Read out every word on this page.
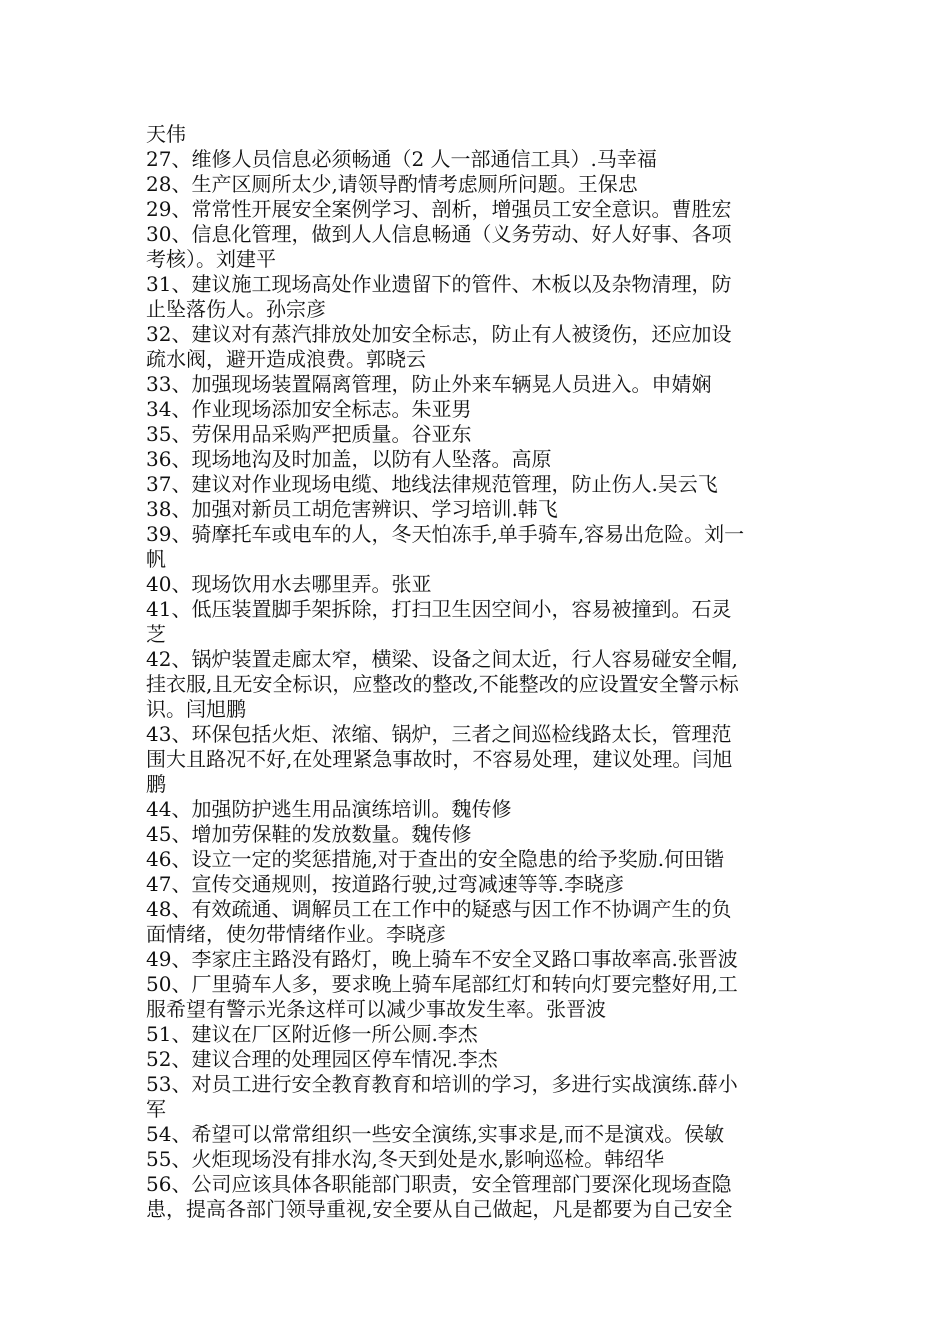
天伟
27、维修人员信息必须畅通（2 人一部通信工具）.马幸福
28、生产区厕所太少,请领导酌情考虑厕所问题。王保忠
29、常常性开展安全案例学习、剖析，增强员工安全意识。曹胜宏
30、信息化管理，做到人人信息畅通（义务劳动、好人好事、各项
考核）。刘建平
31、建议施工现场高处作业遗留下的管件、木板以及杂物清理，防
止坠落伤人。孙宗彦
32、建议对有蒸汽排放处加安全标志，防止有人被烫伤，还应加设
疏水阀，避开造成浪费。郭晓云
33、加强现场装置隔离管理，防止外来车辆晃人员进入。申婧娴
34、作业现场添加安全标志。朱亚男
35、劳保用品采购严把质量。谷亚东
36、现场地沟及时加盖，以防有人坠落。高原
37、建议对作业现场电缆、地线法律规范管理，防止伤人.吴云飞
38、加强对新员工胡危害辨识、学习培训.韩飞
39、骑摩托车或电车的人，冬天怕冻手,单手骑车,容易出危险。刘一
帆
40、现场饮用水去哪里弄。张亚
41、低压装置脚手架拆除，打扫卫生因空间小，容易被撞到。石灵
芝
42、锅炉装置走廊太窄，横梁、设备之间太近，行人容易碰安全帽,
挂衣服,且无安全标识，应整改的整改,不能整改的应设置安全警示标
识。闫旭鹏
43、环保包括火炬、浓缩、锅炉，三者之间巡检线路太长，管理范
围大且路况不好,在处理紧急事故时，不容易处理，建议处理。闫旭
鹏
44、加强防护逃生用品演练培训。魏传修
45、增加劳保鞋的发放数量。魏传修
46、设立一定的奖惩措施,对于查出的安全隐患的给予奖励.何田锴
47、宣传交通规则，按道路行驶,过弯减速等等.李晓彦
48、有效疏通、调解员工在工作中的疑惑与因工作不协调产生的负
面情绪，使勿带情绪作业。李晓彦
49、李家庄主路没有路灯，晚上骑车不安全叉路口事故率高.张晋波
50、厂里骑车人多，要求晚上骑车尾部红灯和转向灯要完整好用,工
服希望有警示光条这样可以减少事故发生率。张晋波
51、建议在厂区附近修一所公厕.李杰
52、建议合理的处理园区停车情况.李杰
53、对员工进行安全教育教育和培训的学习，多进行实战演练.薛小
军
54、希望可以常常组织一些安全演练,实事求是,而不是演戏。侯敏
55、火炬现场没有排水沟,冬天到处是水,影响巡检。韩绍华
56、公司应该具体各职能部门职责，安全管理部门要深化现场查隐
患，提高各部门领导重视,安全要从自己做起，凡是都要为自己安全
